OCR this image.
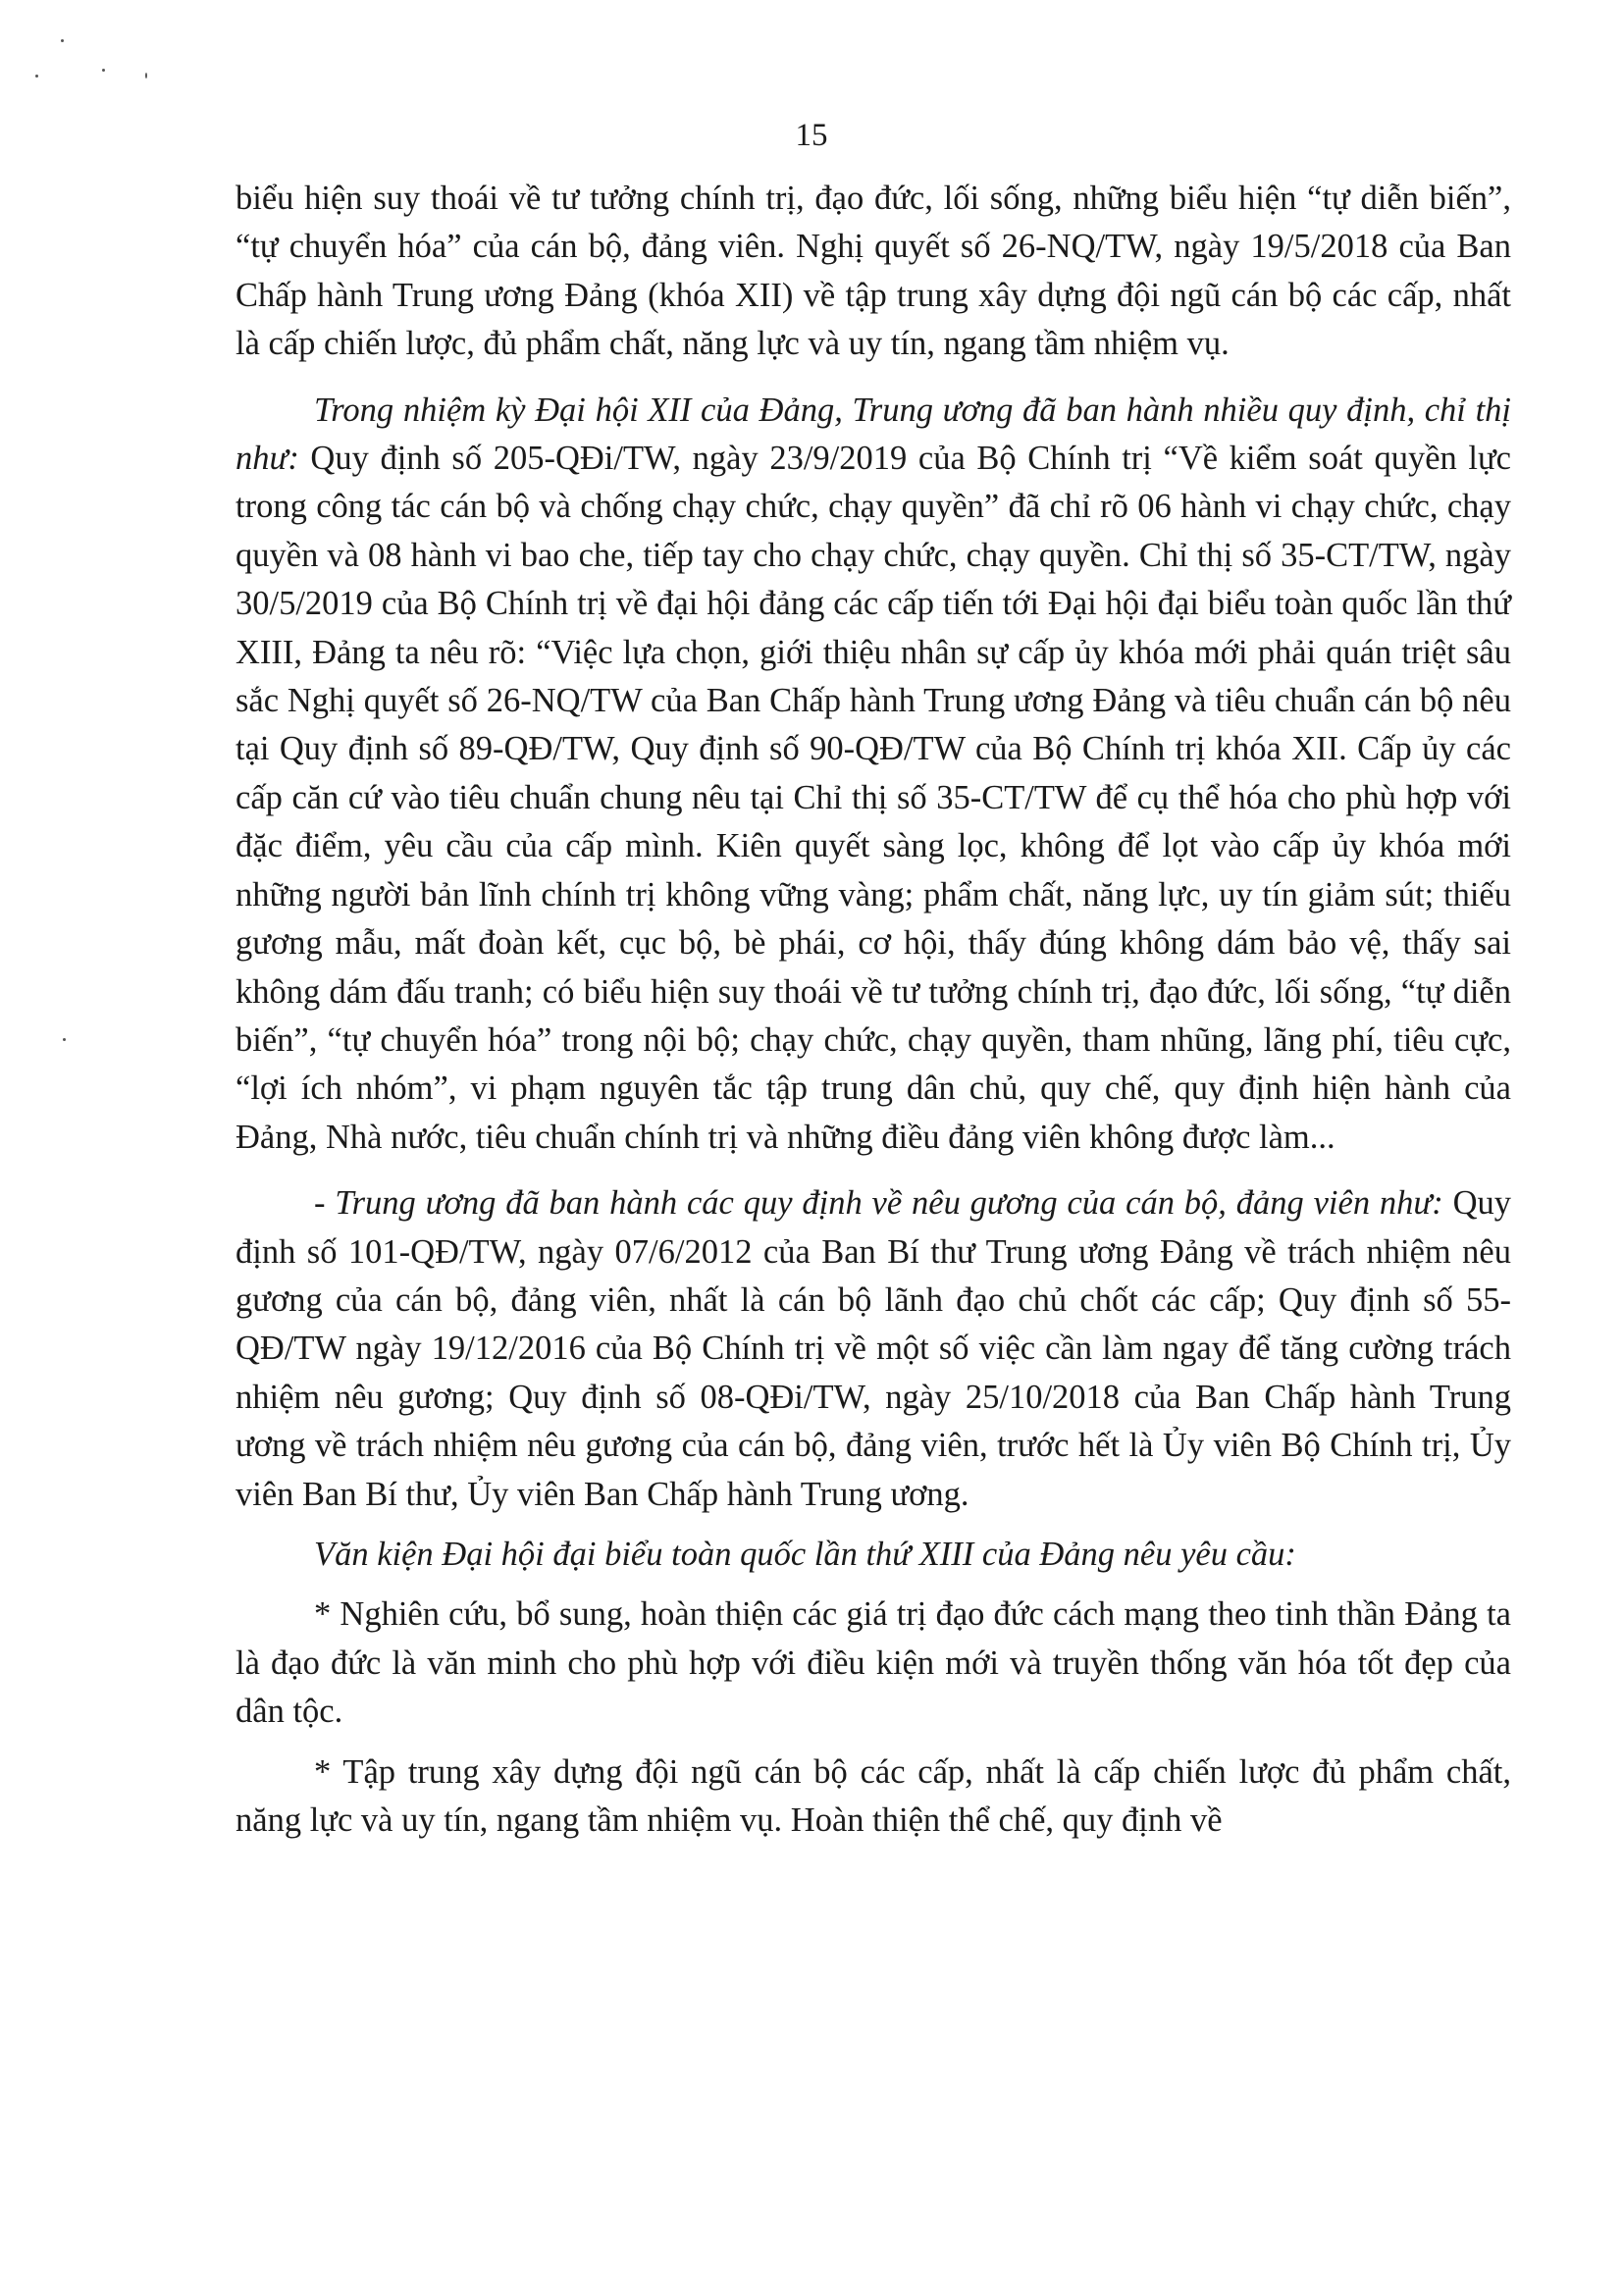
15

biểu hiện suy thoái về tư tưởng chính trị, đạo đức, lối sống, những biểu hiện “tự diễn biến”, “tự chuyển hóa” của cán bộ, đảng viên. Nghị quyết số 26-NQ/TW, ngày 19/5/2018 của Ban Chấp hành Trung ương Đảng (khóa XII) về tập trung xây dựng đội ngũ cán bộ các cấp, nhất là cấp chiến lược, đủ phẩm chất, năng lực và uy tín, ngang tầm nhiệm vụ.

Trong nhiệm kỳ Đại hội XII của Đảng, Trung ương đã ban hành nhiều quy định, chỉ thị như: Quy định số 205-QĐi/TW, ngày 23/9/2019 của Bộ Chính trị “Về kiểm soát quyền lực trong công tác cán bộ và chống chạy chức, chạy quyền” đã chỉ rõ 06 hành vi chạy chức, chạy quyền và 08 hành vi bao che, tiếp tay cho chạy chức, chạy quyền. Chỉ thị số 35-CT/TW, ngày 30/5/2019 của Bộ Chính trị về đại hội đảng các cấp tiến tới Đại hội đại biểu toàn quốc lần thứ XIII, Đảng ta nêu rõ: “Việc lựa chọn, giới thiệu nhân sự cấp ủy khóa mới phải quán triệt sâu sắc Nghị quyết số 26-NQ/TW của Ban Chấp hành Trung ương Đảng và tiêu chuẩn cán bộ nêu tại Quy định số 89-QĐ/TW, Quy định số 90-QĐ/TW của Bộ Chính trị khóa XII. Cấp ủy các cấp căn cứ vào tiêu chuẩn chung nêu tại Chỉ thị số 35-CT/TW để cụ thể hóa cho phù hợp với đặc điểm, yêu cầu của cấp mình. Kiên quyết sàng lọc, không để lọt vào cấp ủy khóa mới những người bản lĩnh chính trị không vững vàng; phẩm chất, năng lực, uy tín giảm sút; thiếu gương mẫu, mất đoàn kết, cục bộ, bè phái, cơ hội, thấy đúng không dám bảo vệ, thấy sai không dám đấu tranh; có biểu hiện suy thoái về tư tưởng chính trị, đạo đức, lối sống, “tự diễn biến”, “tự chuyển hóa” trong nội bộ; chạy chức, chạy quyền, tham nhũng, lãng phí, tiêu cực, “lợi ích nhóm”, vi phạm nguyên tắc tập trung dân chủ, quy chế, quy định hiện hành của Đảng, Nhà nước, tiêu chuẩn chính trị và những điều đảng viên không được làm...

- Trung ương đã ban hành các quy định về nêu gương của cán bộ, đảng viên như: Quy định số 101-QĐ/TW, ngày 07/6/2012 của Ban Bí thư Trung ương Đảng về trách nhiệm nêu gương của cán bộ, đảng viên, nhất là cán bộ lãnh đạo chủ chốt các cấp; Quy định số 55-QĐ/TW ngày 19/12/2016 của Bộ Chính trị về một số việc cần làm ngay để tăng cường trách nhiệm nêu gương; Quy định số 08-QĐi/TW, ngày 25/10/2018 của Ban Chấp hành Trung ương về trách nhiệm nêu gương của cán bộ, đảng viên, trước hết là Ủy viên Bộ Chính trị, Ủy viên Ban Bí thư, Ủy viên Ban Chấp hành Trung ương.

Văn kiện Đại hội đại biểu toàn quốc lần thứ XIII của Đảng nêu yêu cầu:

* Nghiên cứu, bổ sung, hoàn thiện các giá trị đạo đức cách mạng theo tinh thần Đảng ta là đạo đức là văn minh cho phù hợp với điều kiện mới và truyền thống văn hóa tốt đẹp của dân tộc.

* Tập trung xây dựng đội ngũ cán bộ các cấp, nhất là cấp chiến lược đủ phẩm chất, năng lực và uy tín, ngang tầm nhiệm vụ. Hoàn thiện thể chế, quy định về
